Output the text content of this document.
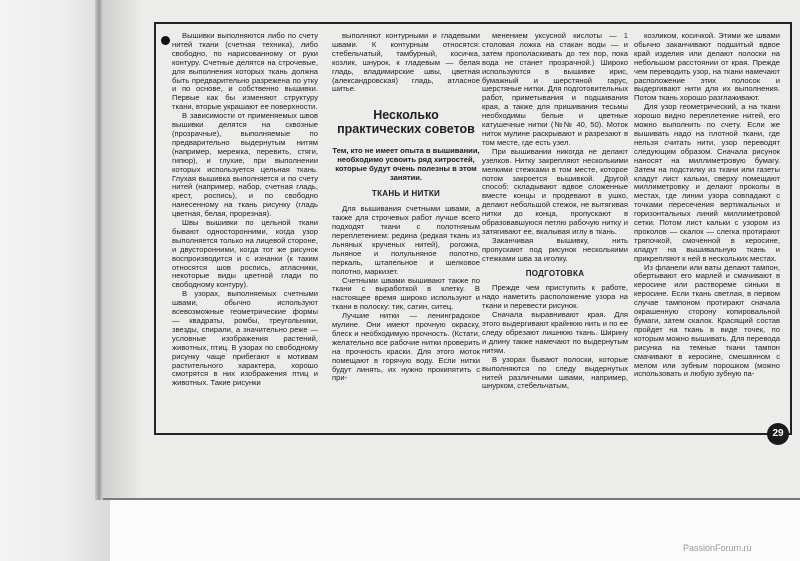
Вышивки выполняются либо по счету нитей ткани (счетная техника), либо свободно, по нарисованному от руки контуру. Счетные делятся на строчевые, для выполнения которых ткань должна быть предварительно разрежена по утку и по основе, и собственно вышивки. Первые как бы изменяют структуру ткани, вторые украшают ее поверхности.

В зависимости от применяемых швов вышивки делятся на сквозные (прозрачные), выполняемые по предварительно выдернутым нитям (например, мережка, перевить, стяги, гипюр), и глухие, при выполнении которых используется цельная ткань. Глухая вышивка выполняется и по счету нитей (например, набор, счетная гладь, крест, роспись), и по свободно нанесенному на ткань рисунку (гладь цветная, белая, прорезная).

Швы вышивки по цельной ткани бывают односторонними, когда узор выполняется только на лицевой стороне, и двусторонними, когда тот же рисунок воспроизводится и с изнанки (к таким относятся шов роспись, атласники, некоторые виды цветной глади по свободному контуру).

В узорах, выполняемых счетными швами, обычно используют всевозможные геометрические формы — квадраты, ромбы, треугольники, звезды, спирали, а значительно реже — условные изображения растений, животных, птиц. В узорах по свободному рисунку чаще прибегают к мотивам растительного характера, хорошо смотрятся в них изображения птиц и животных. Такие рисунки

выполняют контурными и гладевыми швами. К контурным относятся: стебельчатый, тамбурный, косичка, козлик, шнурок, к гладевым — белая гладь, владимирские швы, цветная (александровская) гладь, атласное шитье.

Несколько практических советов
Тем, кто не имеет опыта в вышивании, необходимо усвоить ряд хитростей, которые будут очень полезны в этом занятии.
ТКАНЬ И НИТКИ

Для вышивания счетными швами, а также для строчевых работ лучше всего подходят ткани с полотняным переплетением: редина (редкая ткань из льняных крученых нитей), рогожка, льняное и полульняное полотно, перкаль, штапельное и шелковое полотно, маркизет.

Счетными швами вышивают также по ткани с выработкой в клетку. В настоящее время широко используют и ткани в полоску: тик, сатин, ситец.

Лучшие нитки — ленинградское мулине. Они имеют прочную окраску, блеск и необходимую прочность. (Кстати, желательно все рабочие нитки проверить на прочность краски. Для этого моток помещают в горячую воду. Если нитки будут линять, их нужно прокипятить с при-

менением уксусной кислоты — 1 столовая ложка на стакан воды — и затем прополаскивать до тех пор, пока вода не станет прозрачной.) Широко используются в вышивке ирис, бумажный и шерстяной гарус, шерстяные нитки. Для подготовительных работ, приметывания и подшивания края, а также для пришивания тесьмы необходимы белые и цветные катушечные нитки (№№ 40, 50). Моток ниток мулине раскрывают и разрезают в том месте, где есть узел.

При вышивании никогда не делают узелков. Нитку закрепляют несколькими мелкими стежками в том месте, которое потом закроется вышивкой. Другой способ: складывают вдвое сложенные вместе концы и продевают в ушко, делают небольшой стежок, не вытягивая нитки до конца, пропускают в образовавшуюся петлю рабочую нитку и затягивают ее, вкалывая иглу в ткань.

Заканчивая вышивку, нить пропускают под рисунок несколькими стежками шва за иголку.

ПОДГОТОВКА

Прежде чем приступить к работе, надо наметить расположение узора на ткани и перевести рисунок.

Сначала выравнивают края. Для этого выдергивают крайнюю нить и по ее следу обрезают лишнюю ткань. Ширину и длину также намечают по выдернутым нитям.

В узорах бывают полоски, которые выполняются по следу выдернутых нитей различными швами, например, шнурком, стебельчатым,

козликом, косичкой. Этими же швами обычно заканчивают подшитый вдвое край изделия или делают полоски на небольшом расстоянии от края. Прежде чем переводить узор, на ткани намечают расположение этих полосок и выдергивают нити для их выполнения. Потом ткань хорошо разглаживают.

Для узор геометрический, а на ткани хорошо видно переплетение нитей, его можно выполнить по счету. Если же вышивать надо на плотной ткани, где нельзя считать нити, узор переводят следующим образом. Сначала рисунок наносят на миллиметровую бумагу. Затем на подстилку из ткани или газеты кладут лист кальки, сверху помещают миллиметровку и делают проколы в местах, где линии узора совпадают с точками пересечения вертикальных и горизонтальных линий миллиметровой сетки. Потом лист кальки с узором из проколов — скалок — слегка протирают тряпочкой, смоченной в керосине, кладут на вышивальную ткань и прикрепляют к ней в нескольких местах.

Из фланели или ваты делают тампон, обертывают его марлей и смачивают в керосине или раствореме синьки в керосине. Если ткань светлая, в первом случае тампоном протирают сначала окрашенную сторону копировальной бумаги, затем скалок. Красящий состав пройдет на ткань в виде точек, по которым можно вышивать. Для перевода рисунка на темные ткани тампон смачивают в керосине, смешанном с мелом или зубным порошком (можно использовать и любую зубную па-

29
PassionForum.ru
